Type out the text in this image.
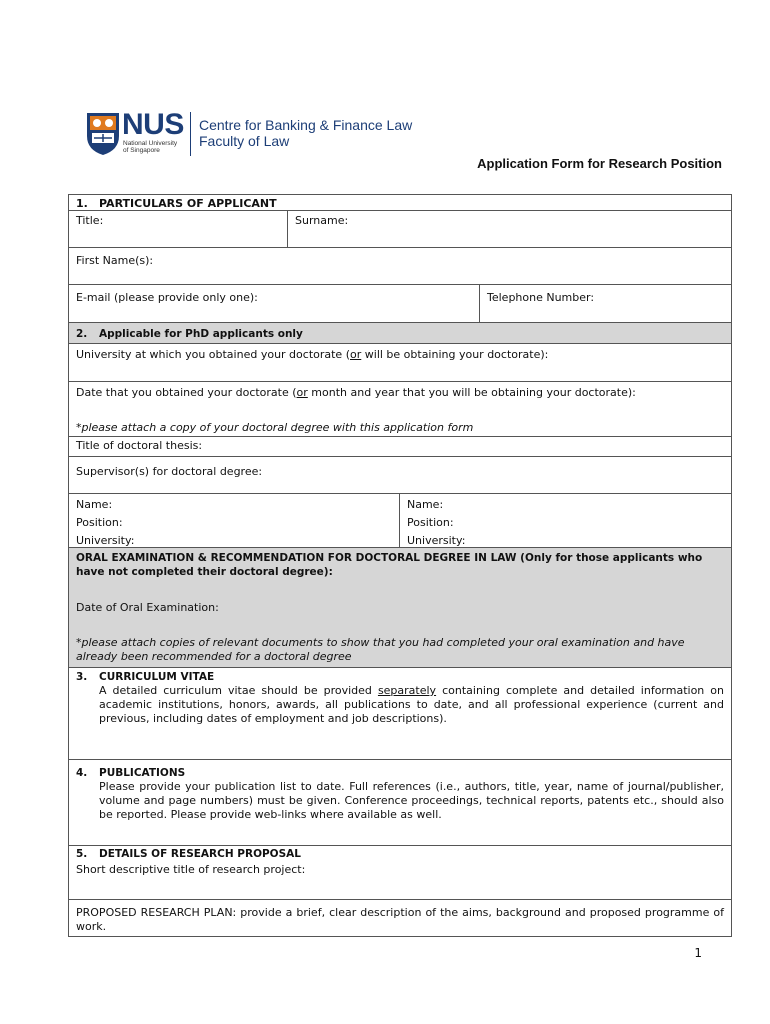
NUS
National University
of Singapore
Centre for Banking & Finance Law
Faculty of Law
Application Form for Research Position
1. PARTICULARS OF APPLICANT
Title:	Surname:
First Name(s):
E-mail (please provide only one):	Telephone Number:
2. Applicable for PhD applicants only
University at which you obtained your doctorate (or will be obtaining your doctorate):
Date that you obtained your doctorate (or month and year that you will be obtaining your doctorate):
*please attach a copy of your doctoral degree with this application form
Title of doctoral thesis:
Supervisor(s) for doctoral degree:
Name:
Position:
University:
Name:
Position:
University:
ORAL EXAMINATION & RECOMMENDATION FOR DOCTORAL DEGREE IN LAW (Only for those applicants who have not completed their doctoral degree):
Date of Oral Examination:
*please attach copies of relevant documents to show that you had completed your oral examination and have already been recommended for a doctoral degree
3. CURRICULUM VITAE
A detailed curriculum vitae should be provided separately containing complete and detailed information on academic institutions, honors, awards, all publications to date, and all professional experience (current and previous, including dates of employment and job descriptions).
4. PUBLICATIONS
Please provide your publication list to date. Full references (i.e., authors, title, year, name of journal/publisher, volume and page numbers) must be given. Conference proceedings, technical reports, patents etc., should also be reported. Please provide web-links where available as well.
5. DETAILS OF RESEARCH PROPOSAL
Short descriptive title of research project:
PROPOSED RESEARCH PLAN: provide a brief, clear description of the aims, background and proposed programme of work.
1
